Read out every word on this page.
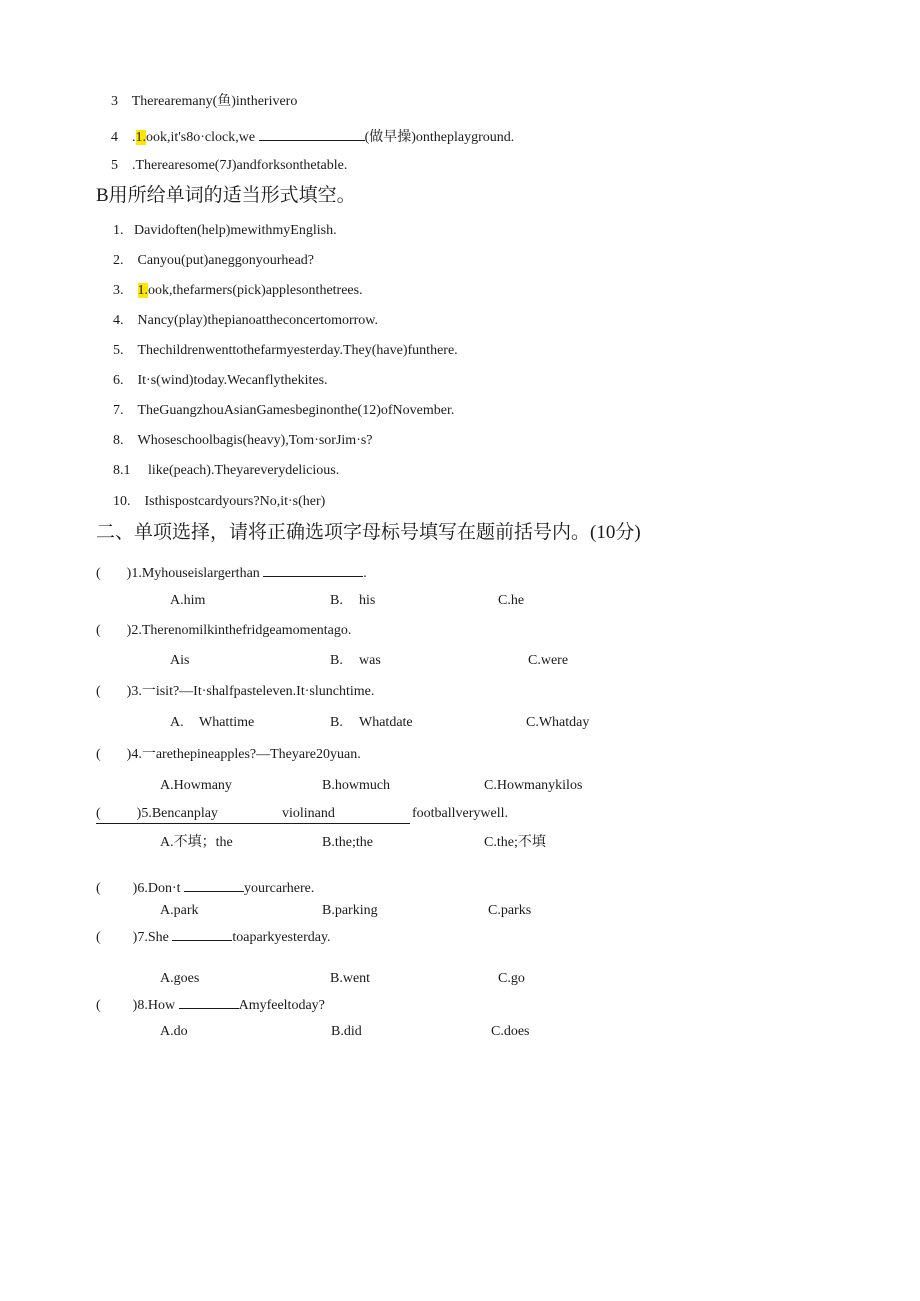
3 Therearemany(鱼)intherivero
4 .1.ook,it's8o·clock,we	(做早操)ontheplayground.
5 .Therearesome(7J)andforksonthetable.
B用所给单词的适当形式填空。
1. Davidoften(help)mewithmyEnglish.
2. Canyou(put)aneggonyourhead?
3. 1.ook,thefarmers(pick)applesonthetrees.
4. Nancy(play)thepianoattheconcertomorrow.
5. Thechildrenwenttothefarmyesterday.They(have)funthere.
6. It·s(wind)today.Wecanflythekites.
7. TheGuangzhouAsianGamesbeginonthe(12)ofNovember.
8. Whoseschoolbagis(heavy),Tom·sorJim·s?
8.1 like(peach).Theyareverydelicious.
10. Isthispostcardyours?No,it·s(her)
二、单项选择，请将正确选项字母标号填写在题前括号内。(10分)
( )1.Myhouseislargerthan	.
A.him	B. his	C.he
( )2.Therenomilkinthefridgeamomentago.
Ais	B. was	C.were
( )3.一isit?—It·shalfpasteleven.It·slunchtime.
A. Whattime	B. Whatdate	C.Whatday
( )4.一arethepineapples?—Theyare20yuan.
A.Howmany	B.howmuch	C.Howmanykilos
(	)5.Bencanplay	violinand	footballverywell.
A.不填；the	B.the;the	C.the;不填
( )6.Don·t	yourcarhere.
A.park	B.parking	C.parks
( )7.She	toaparkyesterday.
A.goes	B.went	C.go
( )8.How	Amyfeeltoday?
A.do	B.did	C.does
